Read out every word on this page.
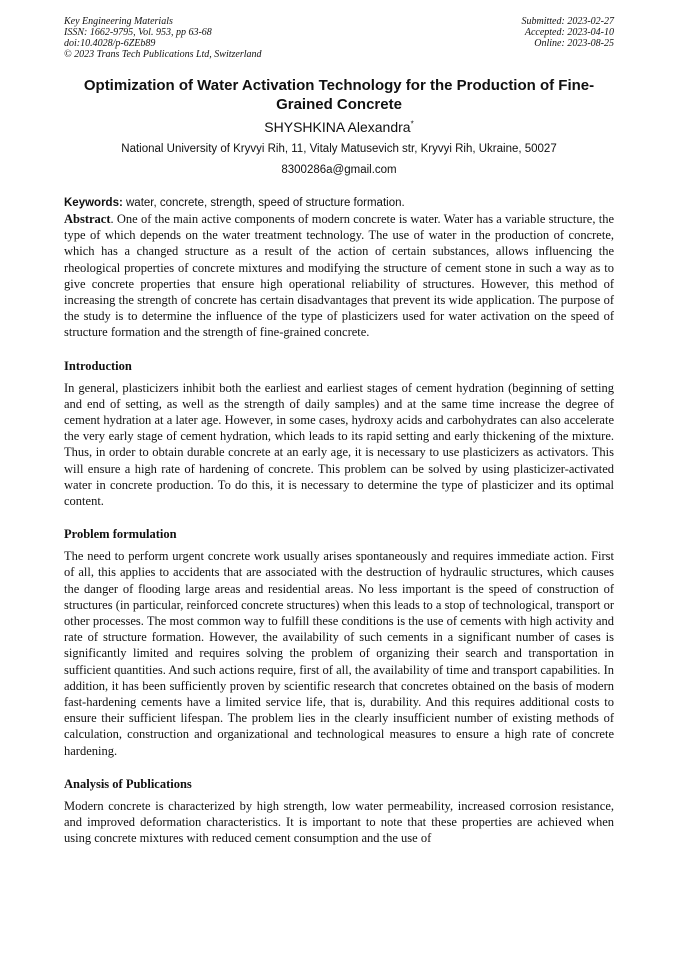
Key Engineering Materials
ISSN: 1662-9795, Vol. 953, pp 63-68
doi:10.4028/p-6ZEb89
© 2023 Trans Tech Publications Ltd, Switzerland
Submitted: 2023-02-27
Accepted: 2023-04-10
Online: 2023-08-25
Optimization of Water Activation Technology for the Production of Fine-Grained Concrete
SHYSHKINA Alexandra*
National University of Kryvyi Rih, 11, Vitaly Matusevich str, Kryvyi Rih, Ukraine, 50027
8300286a@gmail.com
Keywords: water, concrete, strength, speed of structure formation.

Abstract. One of the main active components of modern concrete is water. Water has a variable structure, the type of which depends on the water treatment technology. The use of water in the production of concrete, which has a changed structure as a result of the action of certain substances, allows influencing the rheological properties of concrete mixtures and modifying the structure of cement stone in such a way as to give concrete properties that ensure high operational reliability of structures. However, this method of increasing the strength of concrete has certain disadvantages that prevent its wide application. The purpose of the study is to determine the influence of the type of plasticizers used for water activation on the speed of structure formation and the strength of fine-grained concrete.

Introduction

In general, plasticizers inhibit both the earliest and earliest stages of cement hydration (beginning of setting and end of setting, as well as the strength of daily samples) and at the same time increase the degree of cement hydration at a later age. However, in some cases, hydroxy acids and carbohydrates can also accelerate the very early stage of cement hydration, which leads to its rapid setting and early thickening of the mixture. Thus, in order to obtain durable concrete at an early age, it is necessary to use plasticizers as activators. This will ensure a high rate of hardening of concrete. This problem can be solved by using plasticizer-activated water in concrete production. To do this, it is necessary to determine the type of plasticizer and its optimal content.

Problem formulation

The need to perform urgent concrete work usually arises spontaneously and requires immediate action. First of all, this applies to accidents that are associated with the destruction of hydraulic structures, which causes the danger of flooding large areas and residential areas. No less important is the speed of construction of structures (in particular, reinforced concrete structures) when this leads to a stop of technological, transport or other processes. The most common way to fulfill these conditions is the use of cements with high activity and rate of structure formation. However, the availability of such cements in a significant number of cases is significantly limited and requires solving the problem of organizing their search and transportation in sufficient quantities. And such actions require, first of all, the availability of time and transport capabilities. In addition, it has been sufficiently proven by scientific research that concretes obtained on the basis of modern fast-hardening cements have a limited service life, that is, durability. And this requires additional costs to ensure their sufficient lifespan. The problem lies in the clearly insufficient number of existing methods of calculation, construction and organizational and technological measures to ensure a high rate of concrete hardening.

Analysis of Publications

Modern concrete is characterized by high strength, low water permeability, increased corrosion resistance, and improved deformation characteristics. It is important to note that these properties are achieved when using concrete mixtures with reduced cement consumption and the use of
